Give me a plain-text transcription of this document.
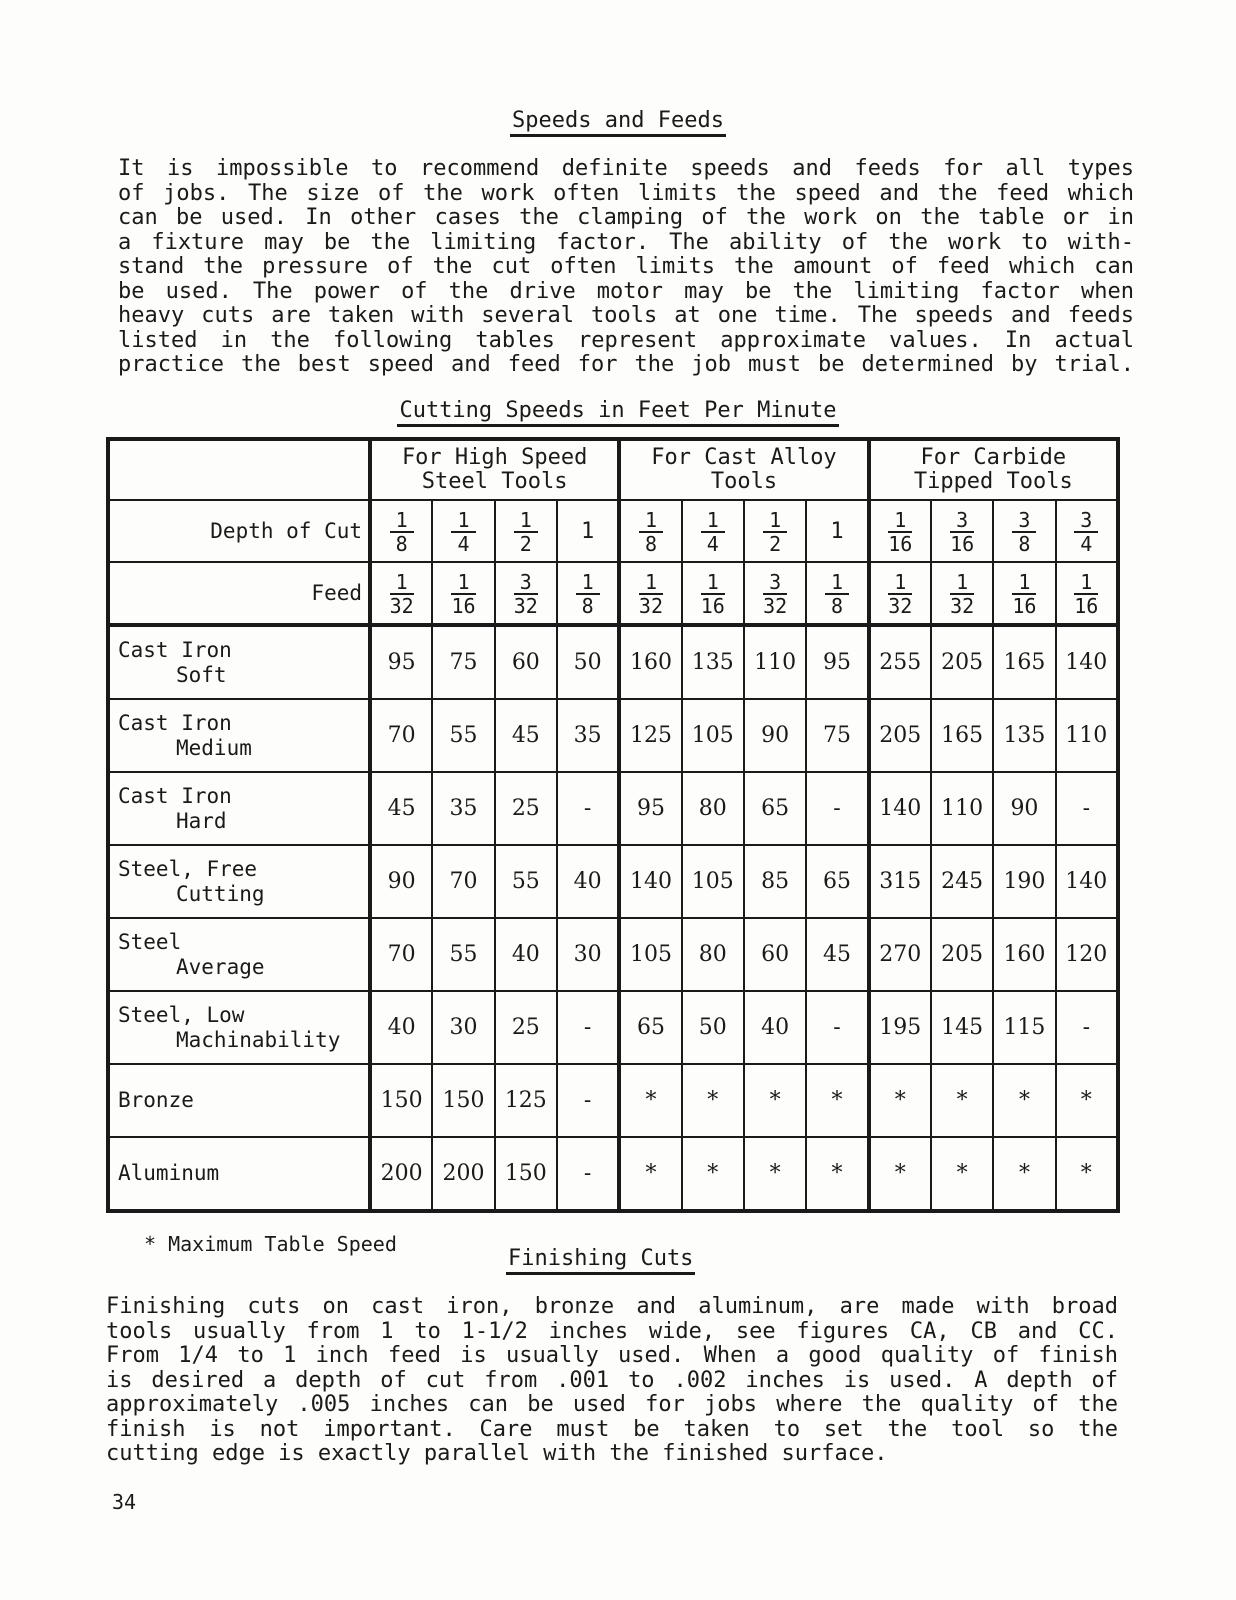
Speeds and Feeds
It is impossible to recommend definite speeds and feeds for all types
of jobs. The size of the work often limits the speed and the feed which
can be used. In other cases the clamping of the work on the table or in
a fixture may be the limiting factor. The ability of the work to with-
stand the pressure of the cut often limits the amount of feed which can
be used. The power of the drive motor may be the limiting factor when
heavy cuts are taken with several tools at one time. The speeds and feeds
listed in the following tables represent approximate values. In actual
practice the best speed and feed for the job must be determined by trial.
Cutting Speeds in Feet Per Minute
	For High Speed
Steel Tools				For Cast Alloy
Tools				For Carbide
Tipped Tools			
Depth of Cut	$\frac{1}{8}$	$\frac{1}{4}$	$\frac{1}{2}$	1	$\frac{1}{8}$	$\frac{1}{4}$	$\frac{1}{2}$	1	$\frac{1}{16}$	$\frac{3}{16}$	$\frac{3}{8}$	$\frac{3}{4}$

Feed	$\frac{1}{32}$	$\frac{1}{16}$	$\frac{3}{32}$	$\frac{1}{8}$	$\frac{1}{32}$	$\frac{1}{16}$	$\frac{3}{32}$	$\frac{1}{8}$	$\frac{1}{32}$	$\frac{1}{32}$	$\frac{1}{16}$	$\frac{1}{16}$

Cast Iron
Soft	95	75	60	50	160	135	110	95	255	205	165	140
Cast Iron
Medium	70	55	45	35	125	105	90	75	205	165	135	110
Cast Iron
Hard	45	35	25	-	95	80	65	-	140	110	90	-
Steel, Free
Cutting	90	70	55	40	140	105	85	65	315	245	190	140
Steel
Average	70	55	40	30	105	80	60	45	270	205	160	120
Steel, Low
Machinability	40	30	25	-	65	50	40	-	195	145	115	-
Bronze	150	150	125	-	*	*	*	*	*	*	*	*
Aluminum	200	200	150	-	*	*	*	*	*	*	*	*
* Maximum Table Speed
Finishing Cuts
Finishing cuts on cast iron, bronze and aluminum, are made with broad
tools usually from 1 to 1-1/2 inches wide, see figures CA, CB and CC.
From 1/4 to 1 inch feed is usually used. When a good quality of finish
is desired a depth of cut from .001 to .002 inches is used. A depth of
approximately .005 inches can be used for jobs where the quality of the
finish is not important. Care must be taken to set the tool so the
cutting edge is exactly parallel with the finished surface.
34
